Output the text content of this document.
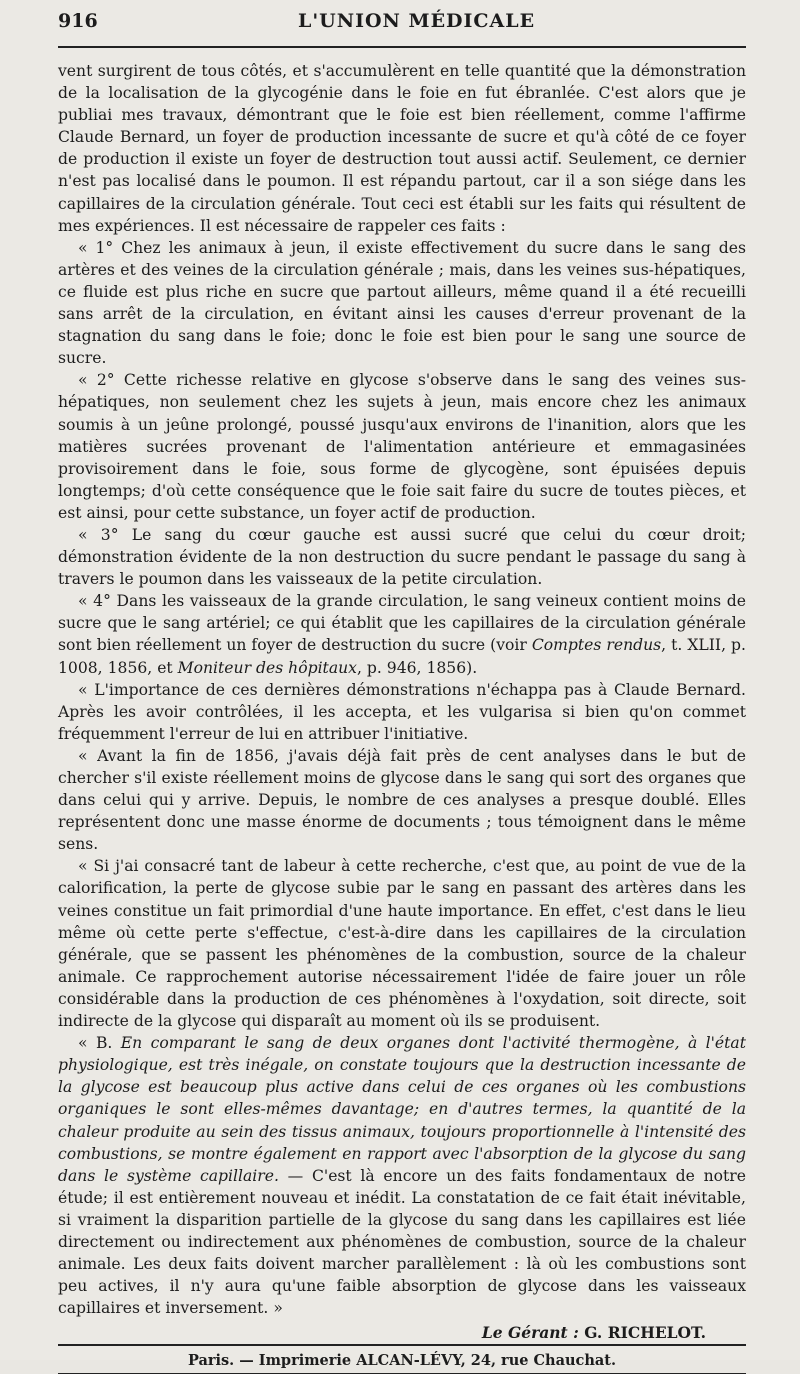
916	L'UNION MÉDICALE

vent surgirent de tous côtés, et s'accumulèrent en telle quantité que la démonstration de la localisation de la glycogénie dans le foie en fut ébranlée. C'est alors que je publiai mes travaux, démontrant que le foie est bien réellement, comme l'affirme Claude Bernard, un foyer de production incessante de sucre et qu'à côté de ce foyer de production il existe un foyer de destruction tout aussi actif. Seulement, ce dernier n'est pas localisé dans le poumon. Il est répandu partout, car il a son siége dans les capillaires de la circulation générale. Tout ceci est établi sur les faits qui résultent de mes expériences. Il est nécessaire de rappeler ces faits :

« 1° Chez les animaux à jeun, il existe effectivement du sucre dans le sang des artères et des veines de la circulation générale ; mais, dans les veines sus-hépatiques, ce fluide est plus riche en sucre que partout ailleurs, même quand il a été recueilli sans arrêt de la circulation, en évitant ainsi les causes d'erreur provenant de la stagnation du sang dans le foie; donc le foie est bien pour le sang une source de sucre.

« 2° Cette richesse relative en glycose s'observe dans le sang des veines sus-hépatiques, non seulement chez les sujets à jeun, mais encore chez les animaux soumis à un jeûne prolongé, poussé jusqu'aux environs de l'inanition, alors que les matières sucrées provenant de l'alimentation antérieure et emmagasinées provisoirement dans le foie, sous forme de glycogène, sont épuisées depuis longtemps; d'où cette conséquence que le foie sait faire du sucre de toutes pièces, et est ainsi, pour cette substance, un foyer actif de production.

« 3° Le sang du cœur gauche est aussi sucré que celui du cœur droit; démonstration évidente de la non destruction du sucre pendant le passage du sang à travers le poumon dans les vaisseaux de la petite circulation.

« 4° Dans les vaisseaux de la grande circulation, le sang veineux contient moins de sucre que le sang artériel; ce qui établit que les capillaires de la circulation générale sont bien réellement un foyer de destruction du sucre (voir Comptes rendus, t. XLII, p. 1008, 1856, et Moniteur des hôpitaux, p. 946, 1856).

« L'importance de ces dernières démonstrations n'échappa pas à Claude Bernard. Après les avoir contrôlées, il les accepta, et les vulgarisa si bien qu'on commet fréquemment l'erreur de lui en attribuer l'initiative.

« Avant la fin de 1856, j'avais déjà fait près de cent analyses dans le but de chercher s'il existe réellement moins de glycose dans le sang qui sort des organes que dans celui qui y arrive. Depuis, le nombre de ces analyses a presque doublé. Elles représentent donc une masse énorme de documents ; tous témoignent dans le même sens.

« Si j'ai consacré tant de labeur à cette recherche, c'est que, au point de vue de la calorification, la perte de glycose subie par le sang en passant des artères dans les veines constitue un fait primordial d'une haute importance. En effet, c'est dans le lieu même où cette perte s'effectue, c'est-à-dire dans les capillaires de la circulation générale, que se passent les phénomènes de la combustion, source de la chaleur animale. Ce rapprochement autorise nécessairement l'idée de faire jouer un rôle considérable dans la production de ces phénomènes à l'oxydation, soit directe, soit indirecte de la glycose qui disparaît au moment où ils se produisent.

« B. En comparant le sang de deux organes dont l'activité thermogène, à l'état physiologique, est très inégale, on constate toujours que la destruction incessante de la glycose est beaucoup plus active dans celui de ces organes où les combustions organiques le sont elles-mêmes davantage; en d'autres termes, la quantité de la chaleur produite au sein des tissus animaux, toujours proportionnelle à l'intensité des combustions, se montre également en rapport avec l'absorption de la glycose du sang dans le système capillaire. — C'est là encore un des faits fondamentaux de notre étude; il est entièrement nouveau et inédit. La constatation de ce fait était inévitable, si vraiment la disparition partielle de la glycose du sang dans les capillaires est liée directement ou indirectement aux phénomènes de combustion, source de la chaleur animale. Les deux faits doivent marcher parallèlement : là où les combustions sont peu actives, il n'y aura qu'une faible absorption de glycose dans les vaisseaux capillaires et inversement. »

Le Gérant : G. RICHELOT.
Paris. — Imprimerie ALCAN-LÉVY, 24, rue Chauchat.
